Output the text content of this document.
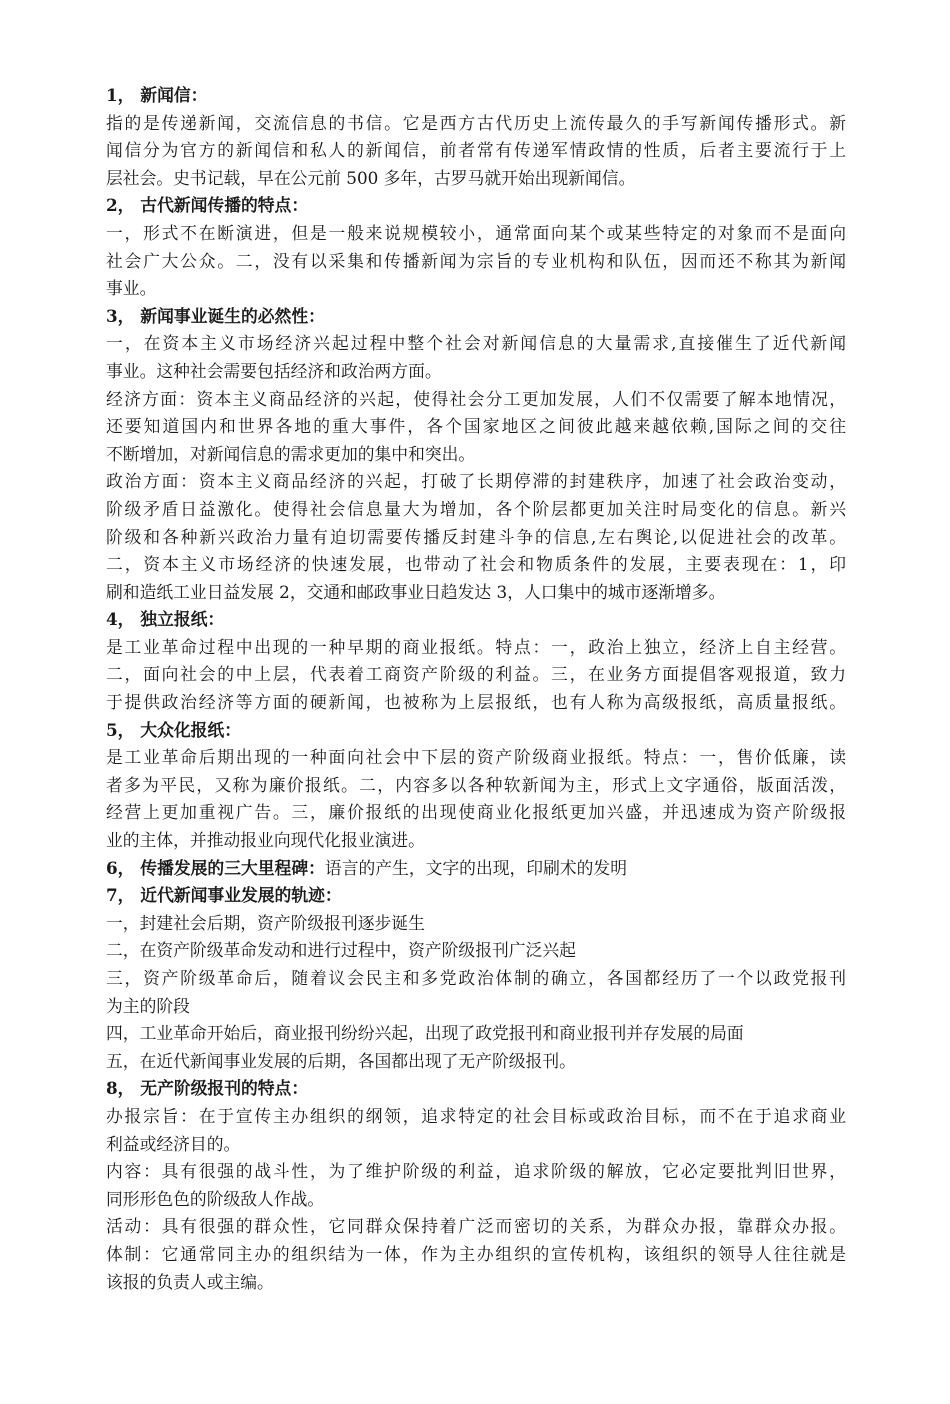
1， 新闻信：
指的是传递新闻，交流信息的书信。它是西方古代历史上流传最久的手写新闻传播形式。新
闻信分为官方的新闻信和私人的新闻信，前者常有传递军情政情的性质，后者主要流行于上
层社会。史书记载，早在公元前 500 多年，古罗马就开始出现新闻信。
2， 古代新闻传播的特点：
一，形式不在断演进，但是一般来说规模较小，通常面向某个或某些特定的对象而不是面向
社会广大公众。二，没有以采集和传播新闻为宗旨的专业机构和队伍，因而还不称其为新闻
事业。
3， 新闻事业诞生的必然性：
一，在资本主义市场经济兴起过程中整个社会对新闻信息的大量需求,直接催生了近代新闻
事业。这种社会需要包括经济和政治两方面。
经济方面：资本主义商品经济的兴起，使得社会分工更加发展，人们不仅需要了解本地情况，
还要知道国内和世界各地的重大事件，各个国家地区之间彼此越来越依赖,国际之间的交往
不断增加，对新闻信息的需求更加的集中和突出。
政治方面：资本主义商品经济的兴起，打破了长期停滞的封建秩序，加速了社会政治变动，
阶级矛盾日益激化。使得社会信息量大为增加，各个阶层都更加关注时局变化的信息。新兴
阶级和各种新兴政治力量有迫切需要传播反封建斗争的信息,左右舆论,以促进社会的改革。
二，资本主义市场经济的快速发展，也带动了社会和物质条件的发展，主要表现在：1，印
刷和造纸工业日益发展 2，交通和邮政事业日趋发达 3，人口集中的城市逐渐增多。
4， 独立报纸：
是工业革命过程中出现的一种早期的商业报纸。特点：一，政治上独立，经济上自主经营。
二，面向社会的中上层，代表着工商资产阶级的利益。三，在业务方面提倡客观报道，致力
于提供政治经济等方面的硬新闻，也被称为上层报纸，也有人称为高级报纸，高质量报纸。
5， 大众化报纸：
是工业革命后期出现的一种面向社会中下层的资产阶级商业报纸。特点：一，售价低廉，读
者多为平民，又称为廉价报纸。二，内容多以各种软新闻为主，形式上文字通俗，版面活泼，
经营上更加重视广告。三，廉价报纸的出现使商业化报纸更加兴盛，并迅速成为资产阶级报
业的主体，并推动报业向现代化报业演进。
6， 传播发展的三大里程碑：语言的产生，文字的出现，印刷术的发明
7， 近代新闻事业发展的轨迹：
一，封建社会后期，资产阶级报刊逐步诞生
二，在资产阶级革命发动和进行过程中，资产阶级报刊广泛兴起
三，资产阶级革命后，随着议会民主和多党政治体制的确立，各国都经历了一个以政党报刊
为主的阶段
四，工业革命开始后，商业报刊纷纷兴起，出现了政党报刊和商业报刊并存发展的局面
五，在近代新闻事业发展的后期，各国都出现了无产阶级报刊。
8， 无产阶级报刊的特点：
办报宗旨：在于宣传主办组织的纲领，追求特定的社会目标或政治目标，而不在于追求商业
利益或经济目的。
内容：具有很强的战斗性，为了维护阶级的利益，追求阶级的解放，它必定要批判旧世界，
同形形色色的阶级敌人作战。
活动：具有很强的群众性，它同群众保持着广泛而密切的关系，为群众办报，靠群众办报。
体制：它通常同主办的组织结为一体，作为主办组织的宣传机构，该组织的领导人往往就是
该报的负责人或主编。
